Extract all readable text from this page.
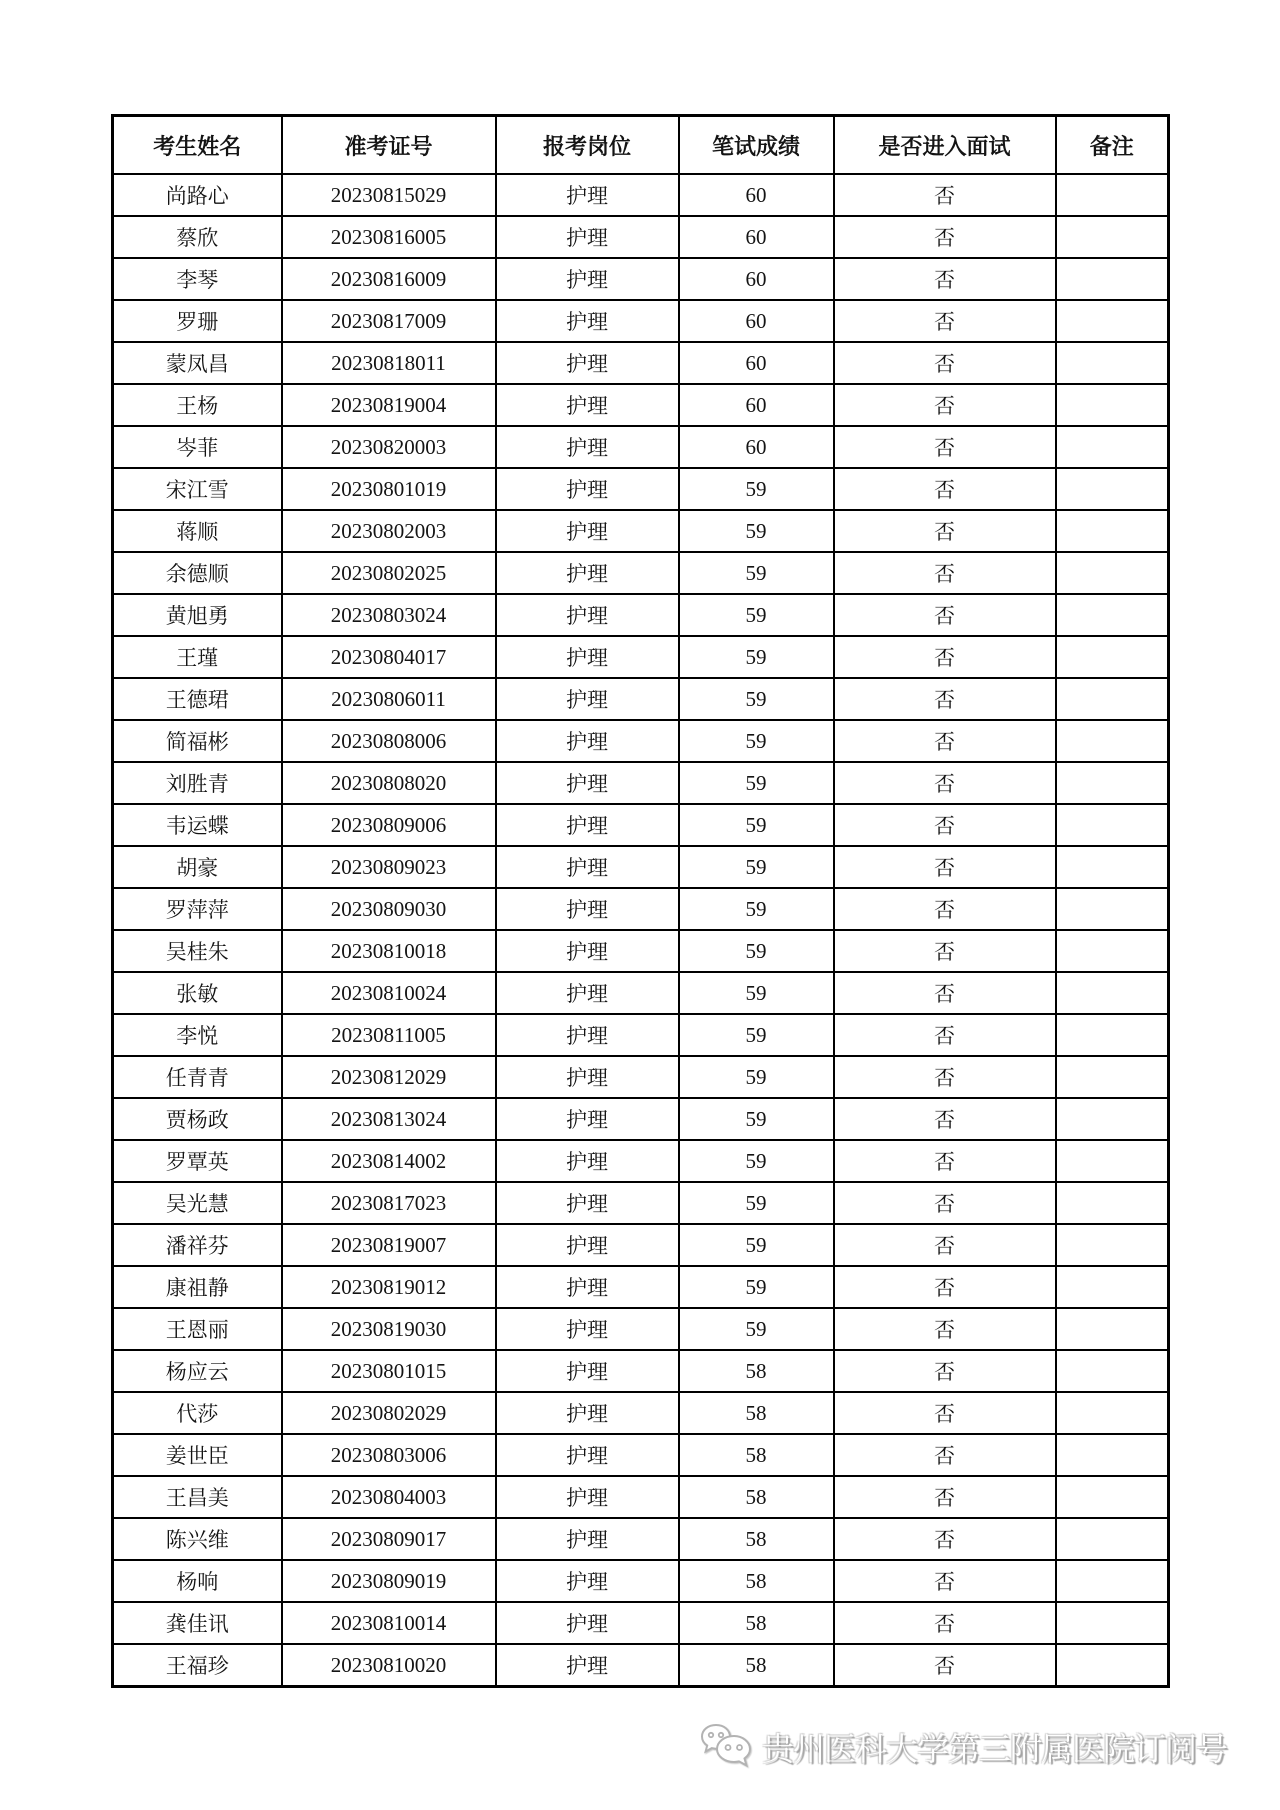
考生姓名	准考证号	报考岗位	笔试成绩	是否进入面试	备注
尚路心	20230815029	护理	60	否	
蔡欣	20230816005	护理	60	否	
李琴	20230816009	护理	60	否	
罗珊	20230817009	护理	60	否	
蒙凤昌	20230818011	护理	60	否	
王杨	20230819004	护理	60	否	
岑菲	20230820003	护理	60	否	
宋江雪	20230801019	护理	59	否	
蒋顺	20230802003	护理	59	否	
余德顺	20230802025	护理	59	否	
黄旭勇	20230803024	护理	59	否	
王瑾	20230804017	护理	59	否	
王德珺	20230806011	护理	59	否	
简福彬	20230808006	护理	59	否	
刘胜青	20230808020	护理	59	否	
韦运蝶	20230809006	护理	59	否	
胡豪	20230809023	护理	59	否	
罗萍萍	20230809030	护理	59	否	
吴桂朱	20230810018	护理	59	否	
张敏	20230810024	护理	59	否	
李悦	20230811005	护理	59	否	
任青青	20230812029	护理	59	否	
贾杨政	20230813024	护理	59	否	
罗覃英	20230814002	护理	59	否	
吴光慧	20230817023	护理	59	否	
潘祥芬	20230819007	护理	59	否	
康祖静	20230819012	护理	59	否	
王恩丽	20230819030	护理	59	否	
杨应云	20230801015	护理	58	否	
代莎	20230802029	护理	58	否	
姜世臣	20230803006	护理	58	否	
王昌美	20230804003	护理	58	否	
陈兴维	20230809017	护理	58	否	
杨响	20230809019	护理	58	否	
龚佳讯	20230810014	护理	58	否	
王福珍	20230810020	护理	58	否	
贵州医科大学第三附属医院订阅号
